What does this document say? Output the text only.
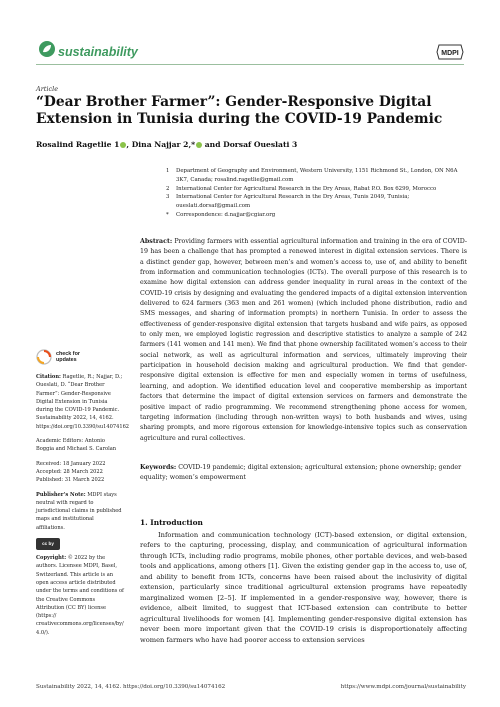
sustainability	MDPI
Article
“Dear Brother Farmer”: Gender-Responsive Digital Extension in Tunisia during the COVID-19 Pandemic
Rosalind Ragetlie 1 , Dina Najjar 2,* and Dorsaf Oueslati 3
1	Department of Geography and Environment, Western University, 1151 Richmond St., London, ON N6A 3K7, Canada; rosalind.ragetlie@gmail.com
2	International Center for Agricultural Research in the Dry Areas, Rabat P.O. Box 6299, Morocco
3	International Center for Agricultural Research in the Dry Areas, Tunis 2049, Tunisia; oueslati.dorsaf@gmail.com
*	Correspondence: d.najjar@cgiar.org
Abstract: Providing farmers with essential agricultural information and training in the era of COVID-19 has been a challenge that has prompted a renewed interest in digital extension services. There is a distinct gender gap, however, between men’s and women’s access to, use of, and ability to benefit from information and communication technologies (ICTs). The overall purpose of this research is to examine how digital extension can address gender inequality in rural areas in the context of the COVID-19 crisis by designing and evaluating the gendered impacts of a digital extension intervention delivered to 624 farmers (363 men and 261 women) (which included phone distribution, radio and SMS messages, and sharing of information prompts) in northern Tunisia. In order to assess the effectiveness of gender-responsive digital extension that targets husband and wife pairs, as opposed to only men, we employed logistic regression and descriptive statistics to analyze a sample of 242 farmers (141 women and 141 men). We find that phone ownership facilitated women’s access to their social network, as well as agricultural information and services, ultimately improving their participation in household decision making and agricultural production. We find that gender-responsive digital extension is effective for men and especially women in terms of usefulness, learning, and adoption. We identified education level and cooperative membership as important factors that determine the impact of digital extension services on farmers and demonstrate the positive impact of radio programming. We recommend strengthening phone access for women, targeting information (including through non-written ways) to both husbands and wives, using sharing prompts, and more rigorous extension for knowledge-intensive topics such as conservation agriculture and rural collectives.
Keywords: COVID-19 pandemic; digital extension; agricultural extension; phone ownership; gender equality; women’s empowerment
check for updates

Citation: Ragetlie, R.; Najjar, D.; Oueslati, D. “Dear Brother Farmer”: Gender-Responsive Digital Extension in Tunisia during the COVID-19 Pandemic. Sustainability 2022, 14, 4162. https://doi.org/10.3390/su14074162

Academic Editors: Antonio Boggia and Michael S. Carolan

Received: 18 January 2022

Accepted: 28 March 2022

Published: 31 March 2022

Publisher’s Note: MDPI stays neutral with regard to jurisdictional claims in published maps and institutional affiliations.

cc by

Copyright: © 2022 by the authors. Licensee MDPI, Basel, Switzerland. This article is an open access article distributed under the terms and conditions of the Creative Commons Attribution (CC BY) license (https:// creativecommons.org/licenses/by/ 4.0/).

1. Introduction
Information and communication technology (ICT)-based extension, or digital extension, refers to the capturing, processing, display, and communication of agricultural information through ICTs, including radio programs, mobile phones, other portable devices, and web-based tools and applications, among others [1]. Given the existing gender gap in the access to, use of, and ability to benefit from ICTs, concerns have been raised about the inclusivity of digital extension, particularly since traditional agricultural extension programs have repeatedly marginalized women [2–5]. If implemented in a gender-responsive way, however, there is evidence, albeit limited, to suggest that ICT-based extension can contribute to better agricultural livelihoods for women [4]. Implementing gender-responsive digital extension has never been more important given that the COVID-19 crisis is disproportionately affecting women farmers who have had poorer access to extension services
Sustainability 2022, 14, 4162. https://doi.org/10.3390/su14074162	https://www.mdpi.com/journal/sustainability
